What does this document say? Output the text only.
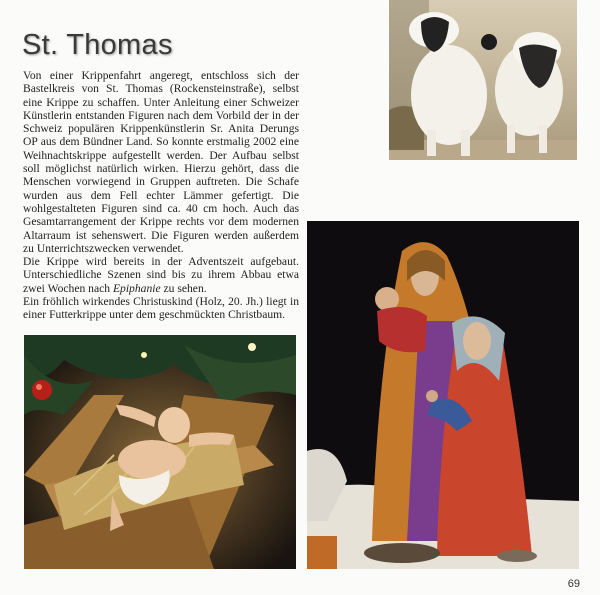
St. Thomas

Von einer Krippenfahrt angeregt, entschloss sich der Bastelkreis von St. Thomas (Rockensteinstraße), selbst eine Krippe zu schaffen. Unter Anleitung einer Schweizer Künstlerin entstanden Figuren nach dem Vorbild der in der Schweiz populären Krippenkünstlerin Sr. Anita Derungs OP aus dem Bündner Land. So konnte erstmalig 2002 eine Weihnachtskrippe aufgestellt werden. Der Aufbau selbst soll möglichst natürlich wirken. Hierzu gehört, dass die Menschen vorwiegend in Gruppen auftreten. Die Schafe wurden aus dem Fell echter Lämmer gefertigt. Die wohlgestalteten Figuren sind ca. 40 cm hoch. Auch das Gesamtarrangement der Krippe rechts vor dem modernen Altarraum ist sehenswert. Die Figuren werden außerdem zu Unterrichtszwecken verwendet.

Die Krippe wird bereits in der Adventszeit aufgebaut. Unterschiedliche Szenen sind bis zu ihrem Abbau etwa zwei Wochen nach Epiphanie zu sehen.

Ein fröhlich wirkendes Christuskind (Holz, 20. Jh.) liegt in einer Futterkrippe unter dem geschmückten Christbaum.

69
